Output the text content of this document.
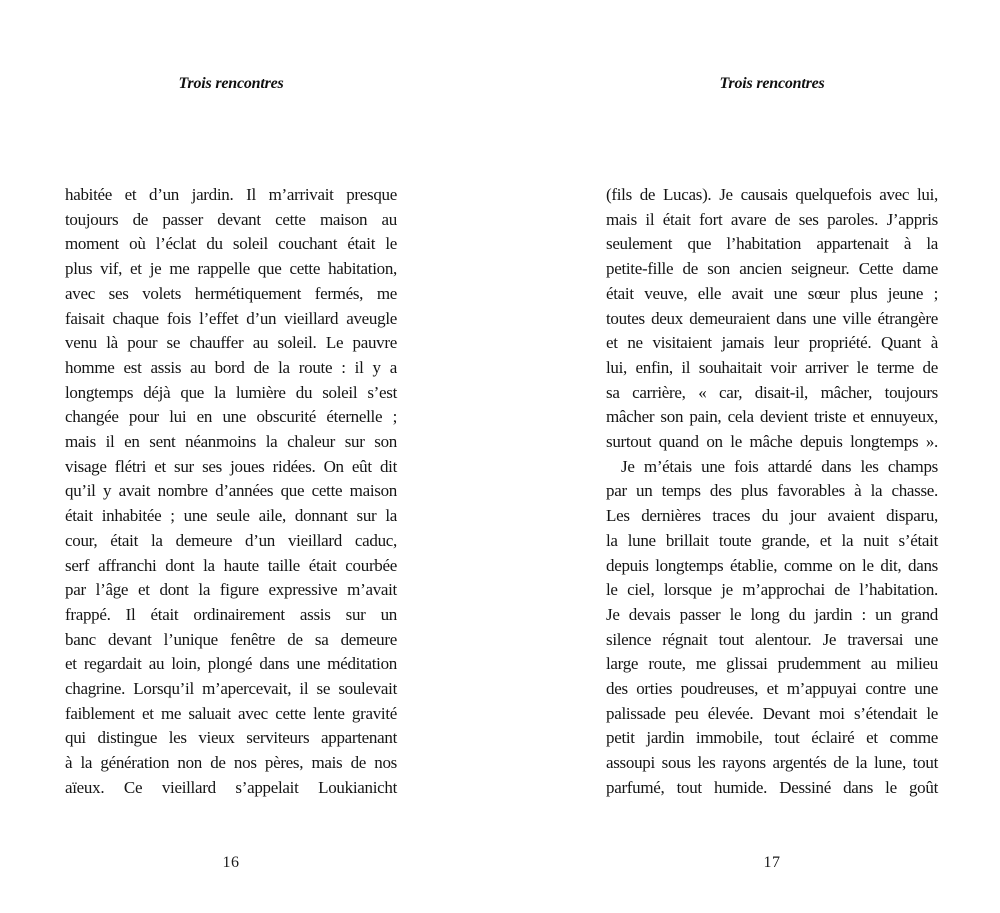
Trois rencontres
habitée et d’un jardin. Il m’arrivait presque
toujours de passer devant cette maison au
moment où l’éclat du soleil couchant était le
plus vif, et je me rappelle que cette habitation,
avec ses volets hermétiquement fermés, me
faisait chaque fois l’effet d’un vieillard aveugle
venu là pour se chauffer au soleil. Le pauvre
homme est assis au bord de la route : il y a
longtemps déjà que la lumière du soleil s’est
changée pour lui en une obscurité éternelle ;
mais il en sent néanmoins la chaleur sur son
visage flétri et sur ses joues ridées. On eût dit
qu’il y avait nombre d’années que cette maison
était inhabitée ; une seule aile, donnant sur la
cour, était la demeure d’un vieillard caduc,
serf affranchi dont la haute taille était courbée
par l’âge et dont la figure expressive m’avait
frappé. Il était ordinairement assis sur un
banc devant l’unique fenêtre de sa demeure
et regardait au loin, plongé dans une méditation
chagrine. Lorsqu’il m’apercevait, il se soulevait
faiblement et me saluait avec cette lente gravité
qui distingue les vieux serviteurs appartenant
à la génération non de nos pères, mais de nos
aïeux. Ce vieillard s’appelait Loukianicht
16
Trois rencontres
(fils de Lucas). Je causais quelquefois avec lui,
mais il était fort avare de ses paroles. J’appris
seulement que l’habitation appartenait à la
petite-fille de son ancien seigneur. Cette dame
était veuve, elle avait une sœur plus jeune ;
toutes deux demeuraient dans une ville étrangère
et ne visitaient jamais leur propriété. Quant à
lui, enfin, il souhaitait voir arriver le terme de
sa carrière, « car, disait-il, mâcher, toujours
mâcher son pain, cela devient triste et ennuyeux,
surtout quand on le mâche depuis longtemps ».
Je m’étais une fois attardé dans les champs
par un temps des plus favorables à la chasse.
Les dernières traces du jour avaient disparu,
la lune brillait toute grande, et la nuit s’était
depuis longtemps établie, comme on le dit, dans
le ciel, lorsque je m’approchai de l’habitation.
Je devais passer le long du jardin : un grand
silence régnait tout alentour. Je traversai une
large route, me glissai prudemment au milieu
des orties poudreuses, et m’appuyai contre une
palissade peu élevée. Devant moi s’étendait le
petit jardin immobile, tout éclairé et comme
assoupi sous les rayons argentés de la lune, tout
parfumé, tout humide. Dessiné dans le goût
17
